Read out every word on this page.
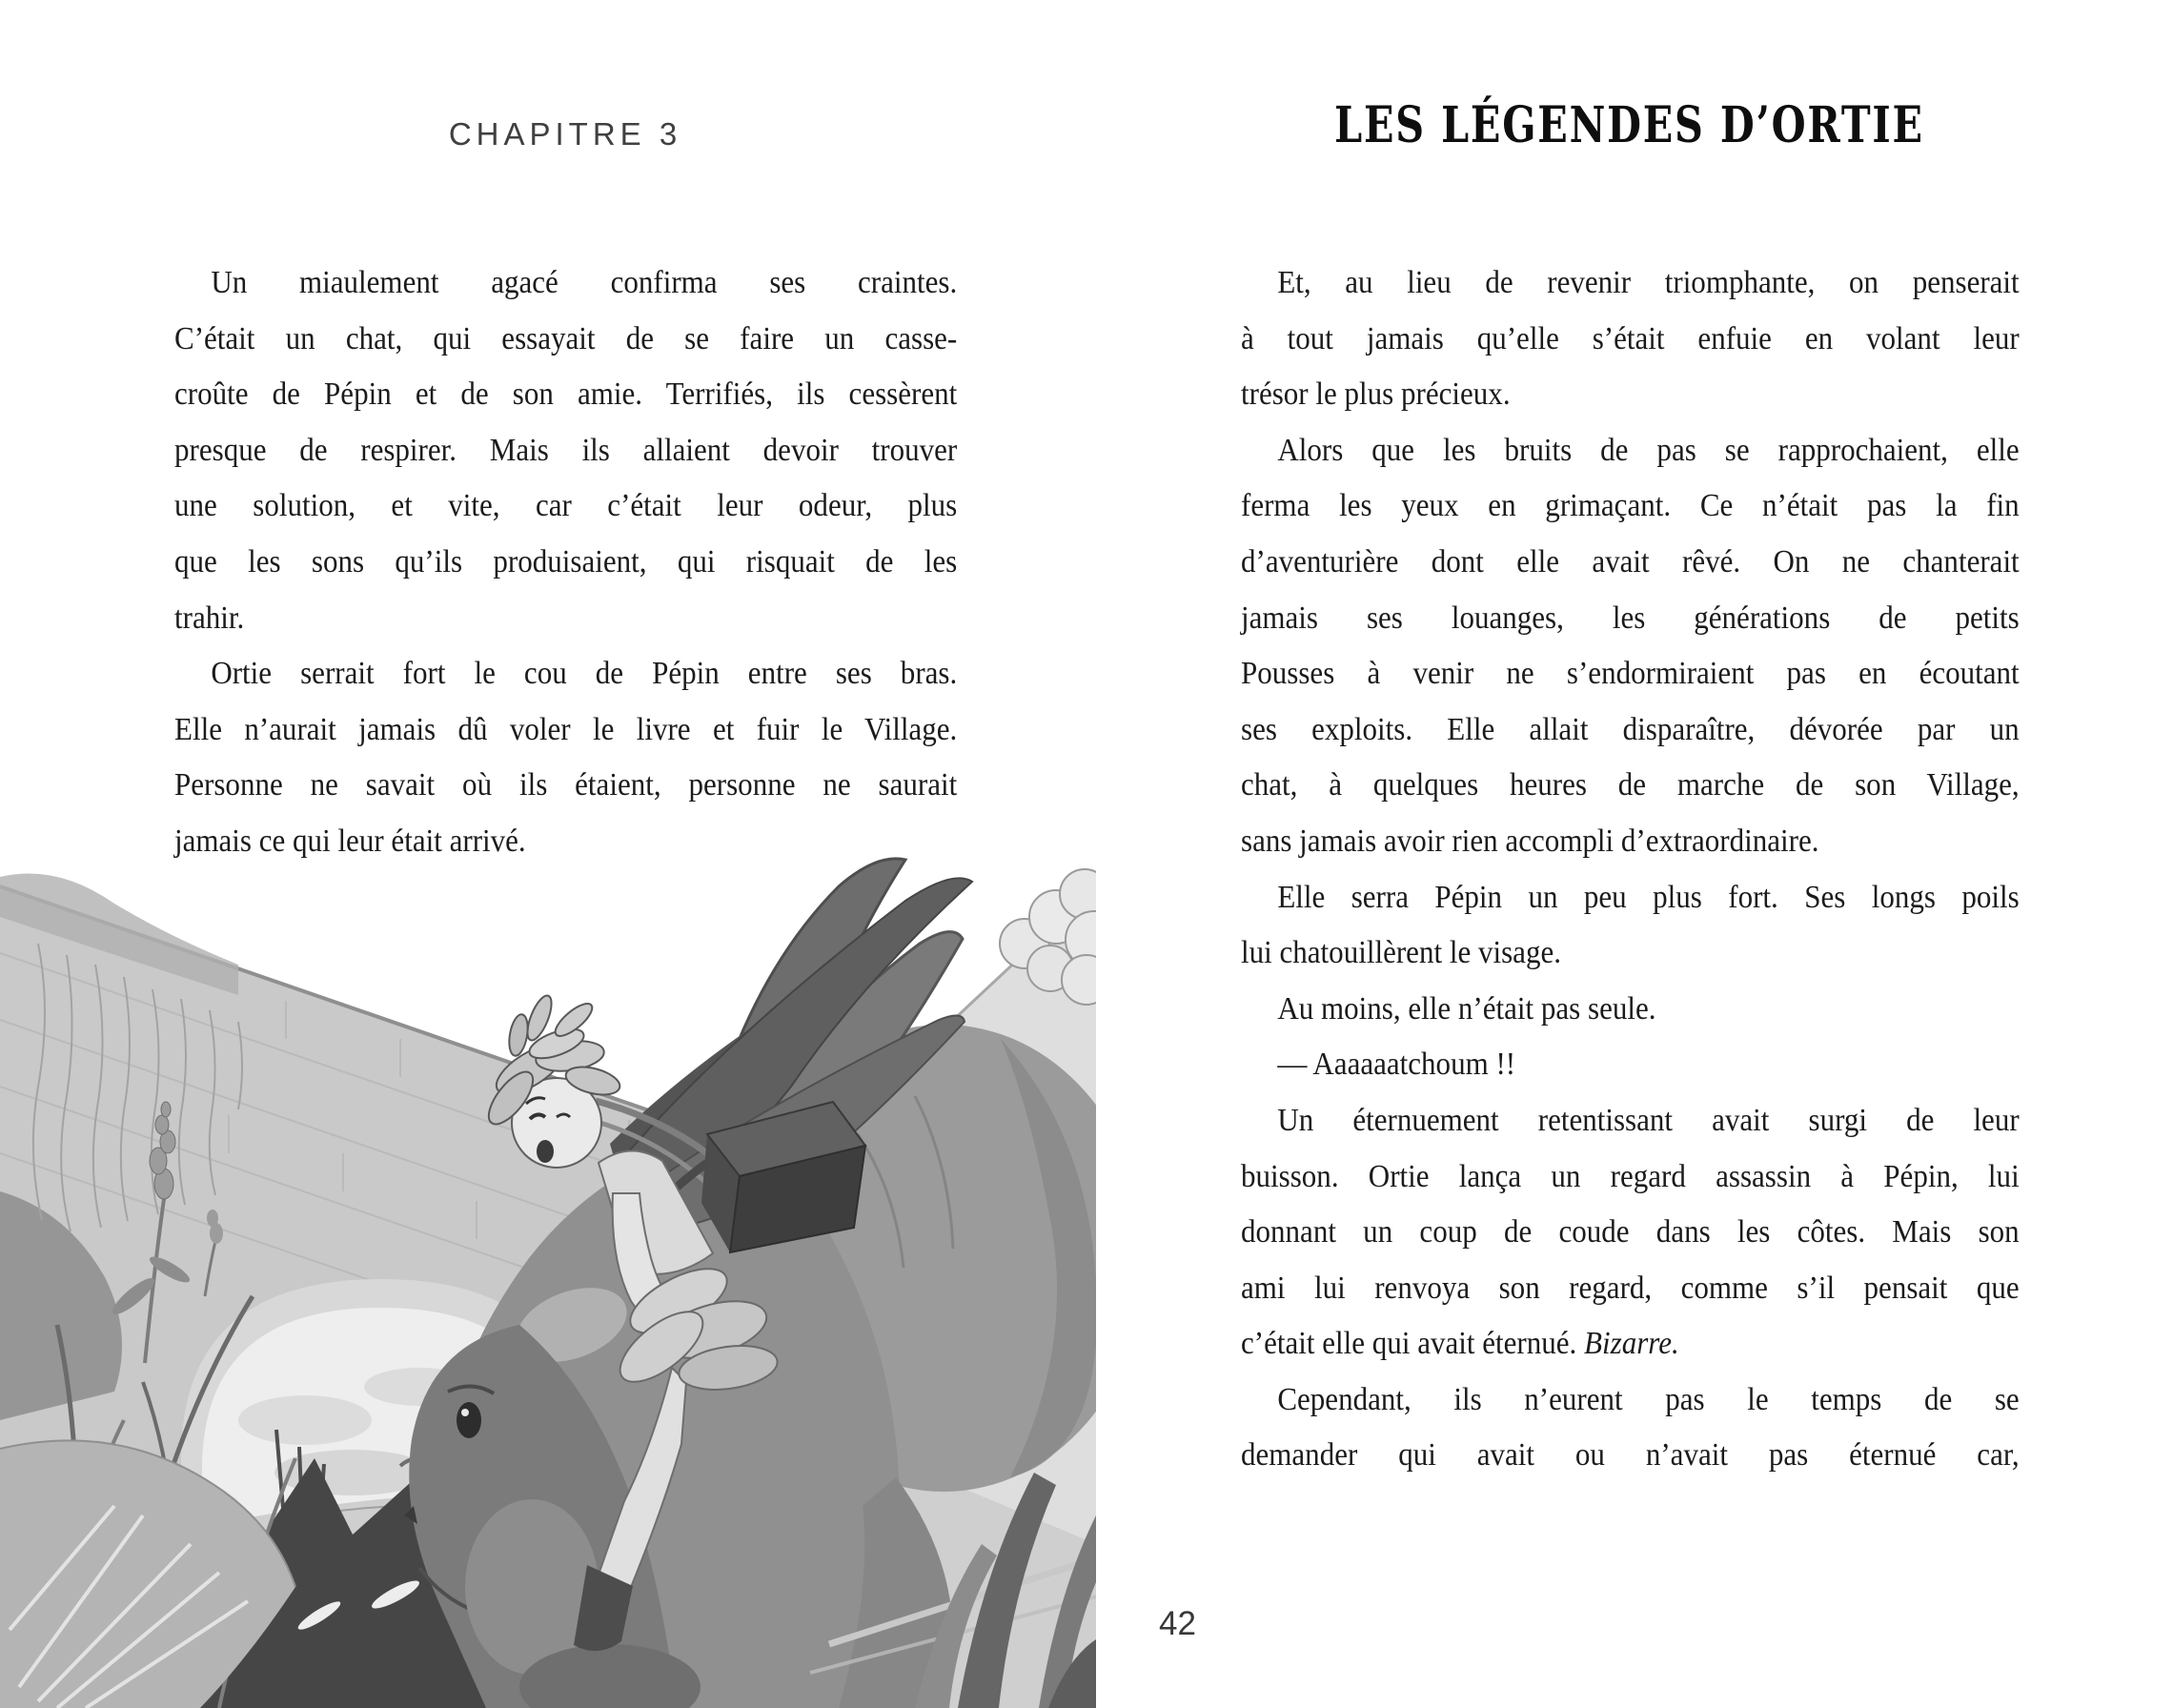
CHAPITRE 3	LES LÉGENDES D’ORTIE
Un miaulement agacé confirma ses craintes.
C’était un chat, qui essayait de se faire un casse-
croûte de Pépin et de son amie. Terrifiés, ils cessèrent
presque de respirer. Mais ils allaient devoir trouver
une solution, et vite, car c’était leur odeur, plus
que les sons qu’ils produisaient, qui risquait de les
trahir.
Ortie serrait fort le cou de Pépin entre ses bras.
Elle n’aurait jamais dû voler le livre et fuir le Village.
Personne ne savait où ils étaient, personne ne saurait
jamais ce qui leur était arrivé.
Et, au lieu de revenir triomphante, on penserait
à tout jamais qu’elle s’était enfuie en volant leur
trésor le plus précieux.
Alors que les bruits de pas se rapprochaient, elle
ferma les yeux en grimaçant. Ce n’était pas la fin
d’aventurière dont elle avait rêvé. On ne chanterait
jamais ses louanges, les générations de petits
Pousses à venir ne s’endormiraient pas en écoutant
ses exploits. Elle allait disparaître, dévorée par un
chat, à quelques heures de marche de son Village,
sans jamais avoir rien accompli d’extraordinaire.
Elle serra Pépin un peu plus fort. Ses longs poils
lui chatouillèrent le visage.
Au moins, elle n’était pas seule.
— Aaaaaatchoum !!
Un éternuement retentissant avait surgi de leur
buisson. Ortie lança un regard assassin à Pépin, lui
donnant un coup de coude dans les côtes. Mais son
ami lui renvoya son regard, comme s’il pensait que
c’était elle qui avait éternué. Bizarre.
Cependant, ils n’eurent pas le temps de se
demander qui avait ou n’avait pas éternué car,
42
